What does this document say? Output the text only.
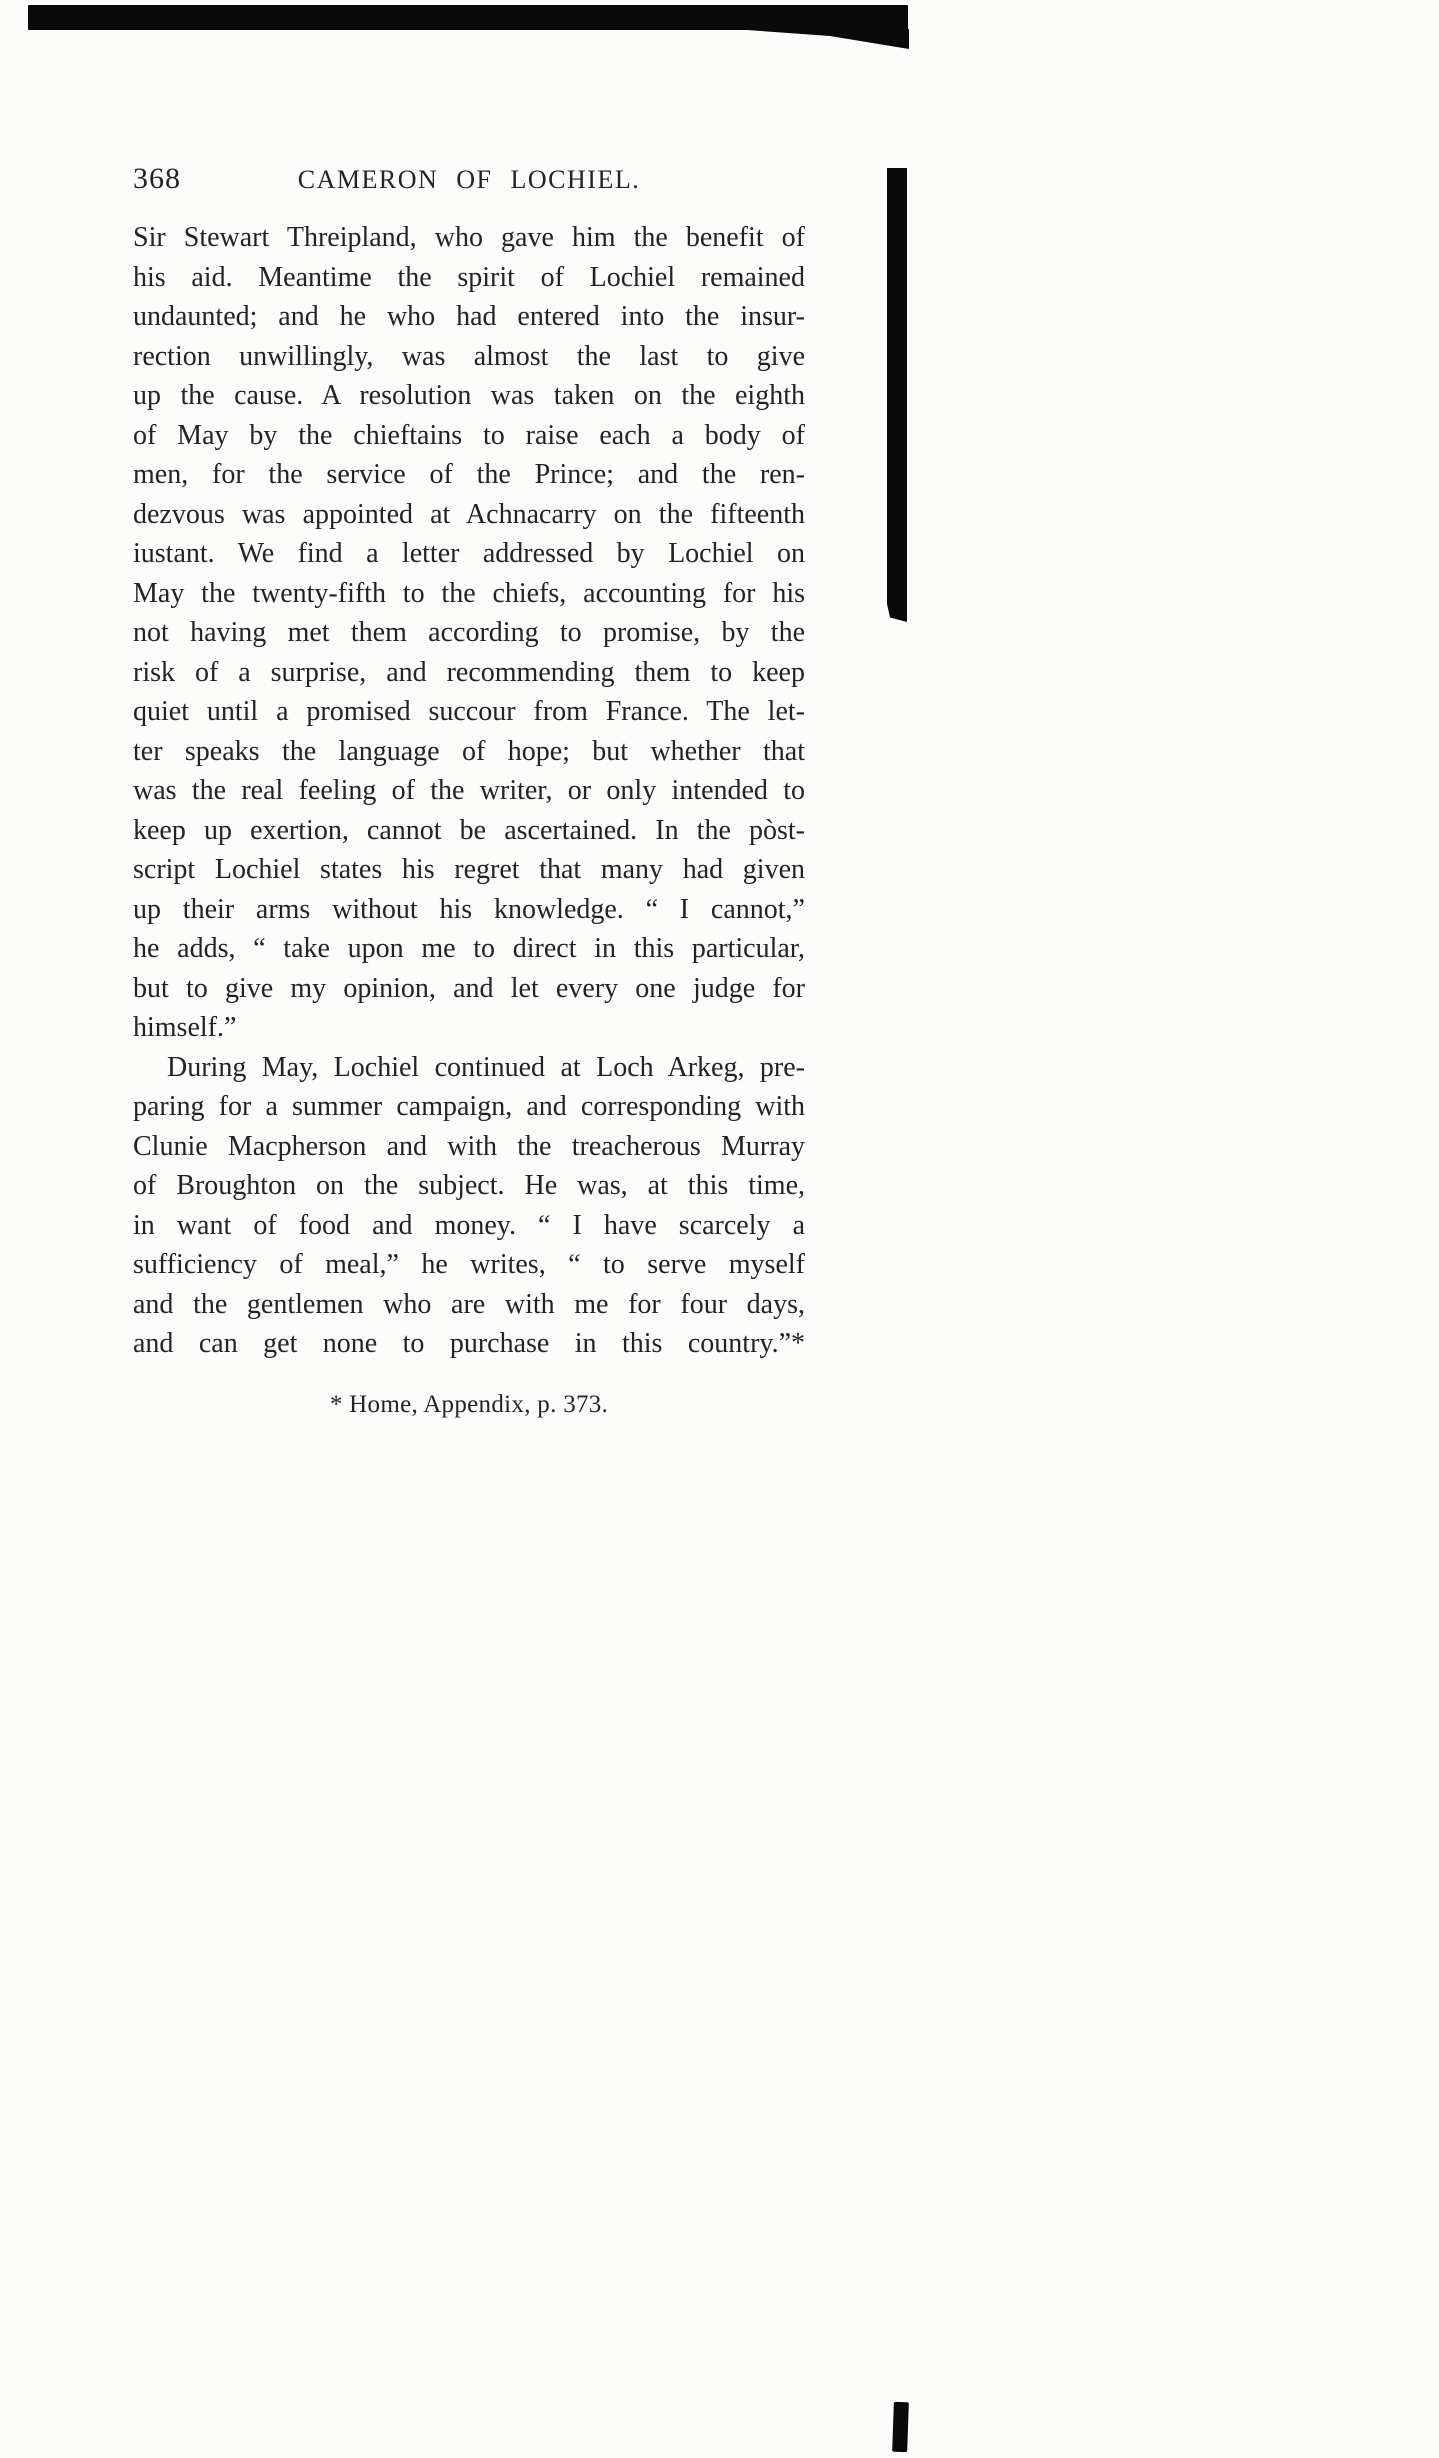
368	CAMERON OF LOCHIEL.
Sir Stewart Threipland, who gave him the benefit of
his aid. Meantime the spirit of Lochiel remained
undaunted; and he who had entered into the insur-
rection unwillingly, was almost the last to give
up the cause. A resolution was taken on the eighth
of May by the chieftains to raise each a body of
men, for the service of the Prince; and the ren-
dezvous was appointed at Achnacarry on the fifteenth
iustant. We find a letter addressed by Lochiel on
May the twenty-fifth to the chiefs, accounting for his
not having met them according to promise, by the
risk of a surprise, and recommending them to keep
quiet until a promised succour from France. The let-
ter speaks the language of hope; but whether that
was the real feeling of the writer, or only intended to
keep up exertion, cannot be ascertained. In the pòst-
script Lochiel states his regret that many had given
up their arms without his knowledge. “ I cannot,”
he adds, “ take upon me to direct in this particular,
but to give my opinion, and let every one judge for
himself.”
During May, Lochiel continued at Loch Arkeg, pre-
paring for a summer campaign, and corresponding with
Clunie Macpherson and with the treacherous Murray
of Broughton on the subject. He was, at this time,
in want of food and money. “ I have scarcely a
sufficiency of meal,” he writes, “ to serve myself
and the gentlemen who are with me for four days,
and can get none to purchase in this country.”*
* Home, Appendix, p. 373.
